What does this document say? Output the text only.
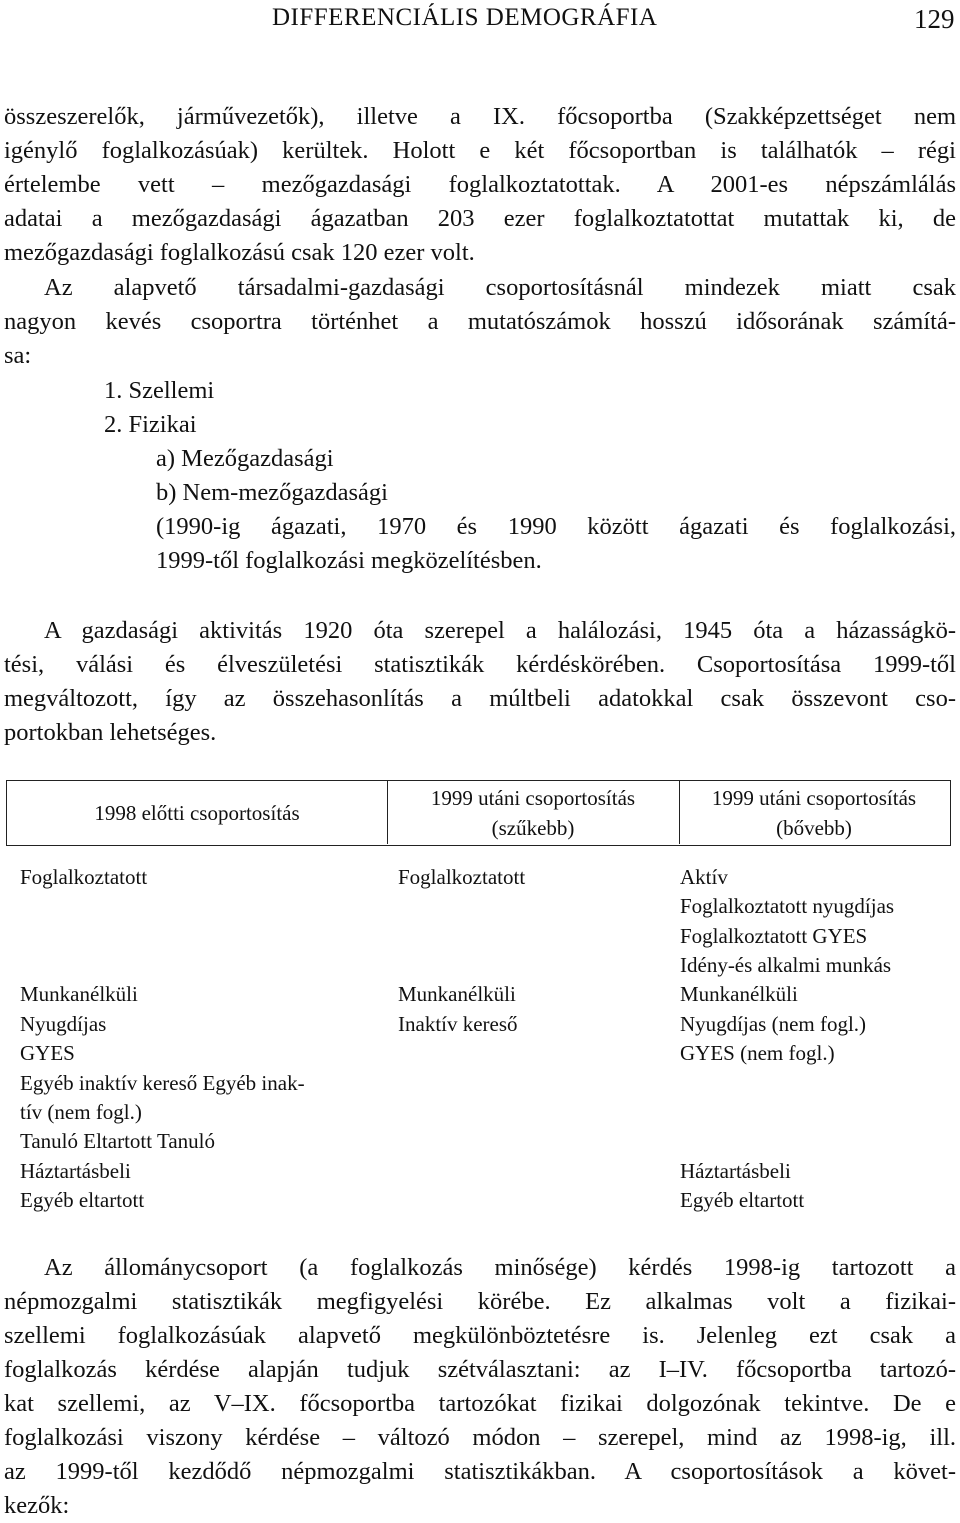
DIFFERENCIÁLIS DEMOGRÁFIA	129
összeszerelők, járművezetők), illetve a IX. főcsoportba (Szakképzettséget nem
igénylő foglalkozásúak) kerültek. Holott e két főcsoportban is találhatók – régi
értelembe vett – mezőgazdasági foglalkoztatottak. A 2001-es népszámlálás
adatai a mezőgazdasági ágazatban 203 ezer foglalkoztatottat mutattak ki, de
mezőgazdasági foglalkozású csak 120 ezer volt.
Az alapvető társadalmi-gazdasági csoportosításnál mindezek miatt csak
nagyon kevés csoportra történhet a mutatószámok hosszú idősorának számítá-
sa:
1. Szellemi
2. Fizikai
a) Mezőgazdasági
b) Nem-mezőgazdasági
(1990-ig ágazati, 1970 és 1990 között ágazati és foglalkozási,
1999-től foglalkozási megközelítésben.
A gazdasági aktivitás 1920 óta szerepel a halálozási, 1945 óta a házasságkö-
tési, válási és élveszületési statisztikák kérdéskörében. Csoportosítása 1999-től
megváltozott, így az összehasonlítás a múltbeli adatokkal csak összevont cso-
portokban lehetséges.
1998 előtti csoportosítás
1999 utáni csoportosítás
(szűkebb)
1999 utáni csoportosítás
(bővebb)
Foglalkoztatott
Munkanélküli
Nyugdíjas
GYES
Egyéb inaktív kereső Egyéb inak-
tív (nem fogl.)
Tanuló Eltartott Tanuló
Háztartásbeli
Egyéb eltartott
Foglalkoztatott
Munkanélküli
Inaktív kereső
Aktív
Foglalkoztatott nyugdíjas
Foglalkoztatott GYES
Idény-és alkalmi munkás
Munkanélküli
Nyugdíjas (nem fogl.)
GYES (nem fogl.)
Háztartásbeli
Egyéb eltartott
Az állománycsoport (a foglalkozás minősége) kérdés 1998-ig tartozott a
népmozgalmi statisztikák megfigyelési körébe. Ez alkalmas volt a fizikai-
szellemi foglalkozásúak alapvető megkülönböztetésre is. Jelenleg ezt csak a
foglalkozás kérdése alapján tudjuk szétválasztani: az I–IV. főcsoportba tartozó-
kat szellemi, az V–IX. főcsoportba tartozókat fizikai dolgozónak tekintve. De e
foglalkozási viszony kérdése – változó módon – szerepel, mind az 1998-ig, ill.
az 1999-től kezdődő népmozgalmi statisztikákban. A csoportosítások a követ-
kezők:
